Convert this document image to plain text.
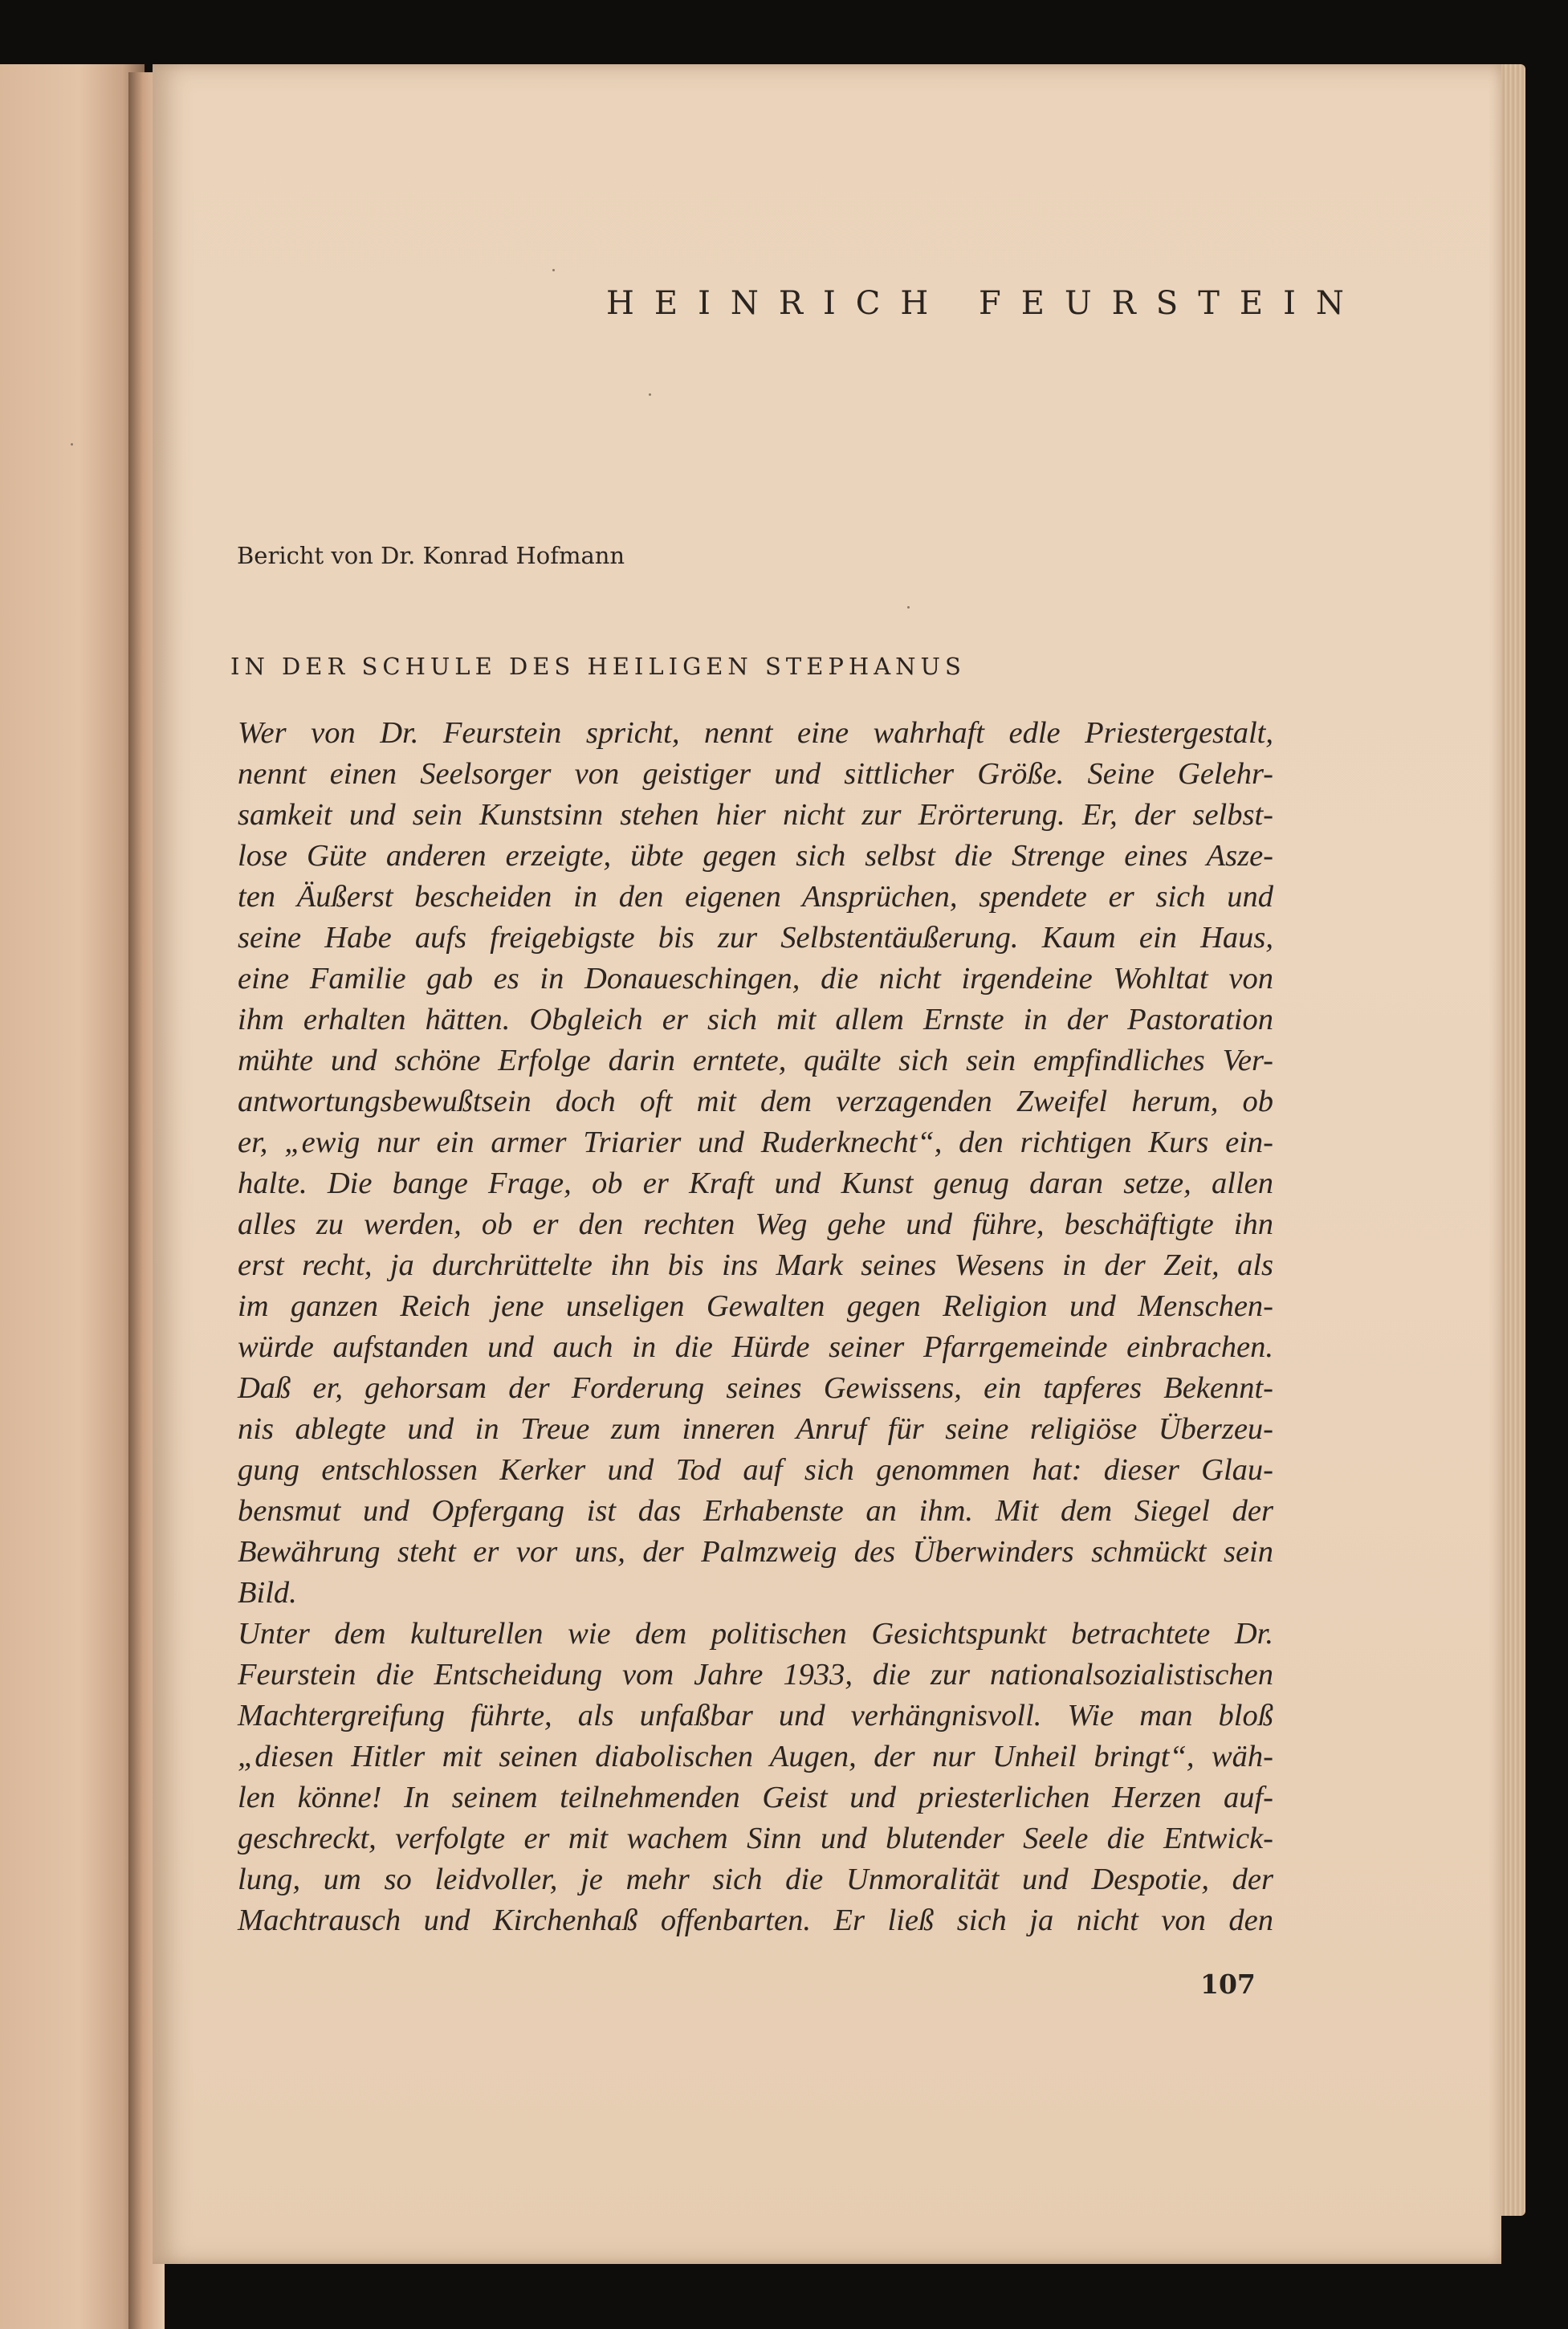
HEINRICH FEURSTEIN
Bericht von Dr. Konrad Hofmann
IN DER SCHULE DES HEILIGEN STEPHANUS
Wer von Dr. Feurstein spricht, nennt eine wahrhaft edle Priestergestalt,
nennt einen Seelsorger von geistiger und sittlicher Größe. Seine Gelehr-
samkeit und sein Kunstsinn stehen hier nicht zur Erörterung. Er, der selbst-
lose Güte anderen erzeigte, übte gegen sich selbst die Strenge eines Asze-
ten Äußerst bescheiden in den eigenen Ansprüchen, spendete er sich und
seine Habe aufs freigebigste bis zur Selbstentäußerung. Kaum ein Haus,
eine Familie gab es in Donaueschingen, die nicht irgendeine Wohltat von
ihm erhalten hätten. Obgleich er sich mit allem Ernste in der Pastoration
mühte und schöne Erfolge darin erntete, quälte sich sein empfindliches Ver-
antwortungsbewußtsein doch oft mit dem verzagenden Zweifel herum, ob
er, „ewig nur ein armer Triarier und Ruderknecht“, den richtigen Kurs ein-
halte. Die bange Frage, ob er Kraft und Kunst genug daran setze, allen
alles zu werden, ob er den rechten Weg gehe und führe, beschäftigte ihn
erst recht, ja durchrüttelte ihn bis ins Mark seines Wesens in der Zeit, als
im ganzen Reich jene unseligen Gewalten gegen Religion und Menschen-
würde aufstanden und auch in die Hürde seiner Pfarrgemeinde einbrachen.
Daß er, gehorsam der Forderung seines Gewissens, ein tapferes Bekennt-
nis ablegte und in Treue zum inneren Anruf für seine religiöse Überzeu-
gung entschlossen Kerker und Tod auf sich genommen hat: dieser Glau-
bensmut und Opfergang ist das Erhabenste an ihm. Mit dem Siegel der
Bewährung steht er vor uns, der Palmzweig des Überwinders schmückt sein
Bild.
Unter dem kulturellen wie dem politischen Gesichtspunkt betrachtete Dr.
Feurstein die Entscheidung vom Jahre 1933, die zur nationalsozialistischen
Machtergreifung führte, als unfaßbar und verhängnisvoll. Wie man bloß
„diesen Hitler mit seinen diabolischen Augen, der nur Unheil bringt“, wäh-
len könne! In seinem teilnehmenden Geist und priesterlichen Herzen auf-
geschreckt, verfolgte er mit wachem Sinn und blutender Seele die Entwick-
lung, um so leidvoller, je mehr sich die Unmoralität und Despotie, der
Machtrausch und Kirchenhaß offenbarten. Er ließ sich ja nicht von den
107
